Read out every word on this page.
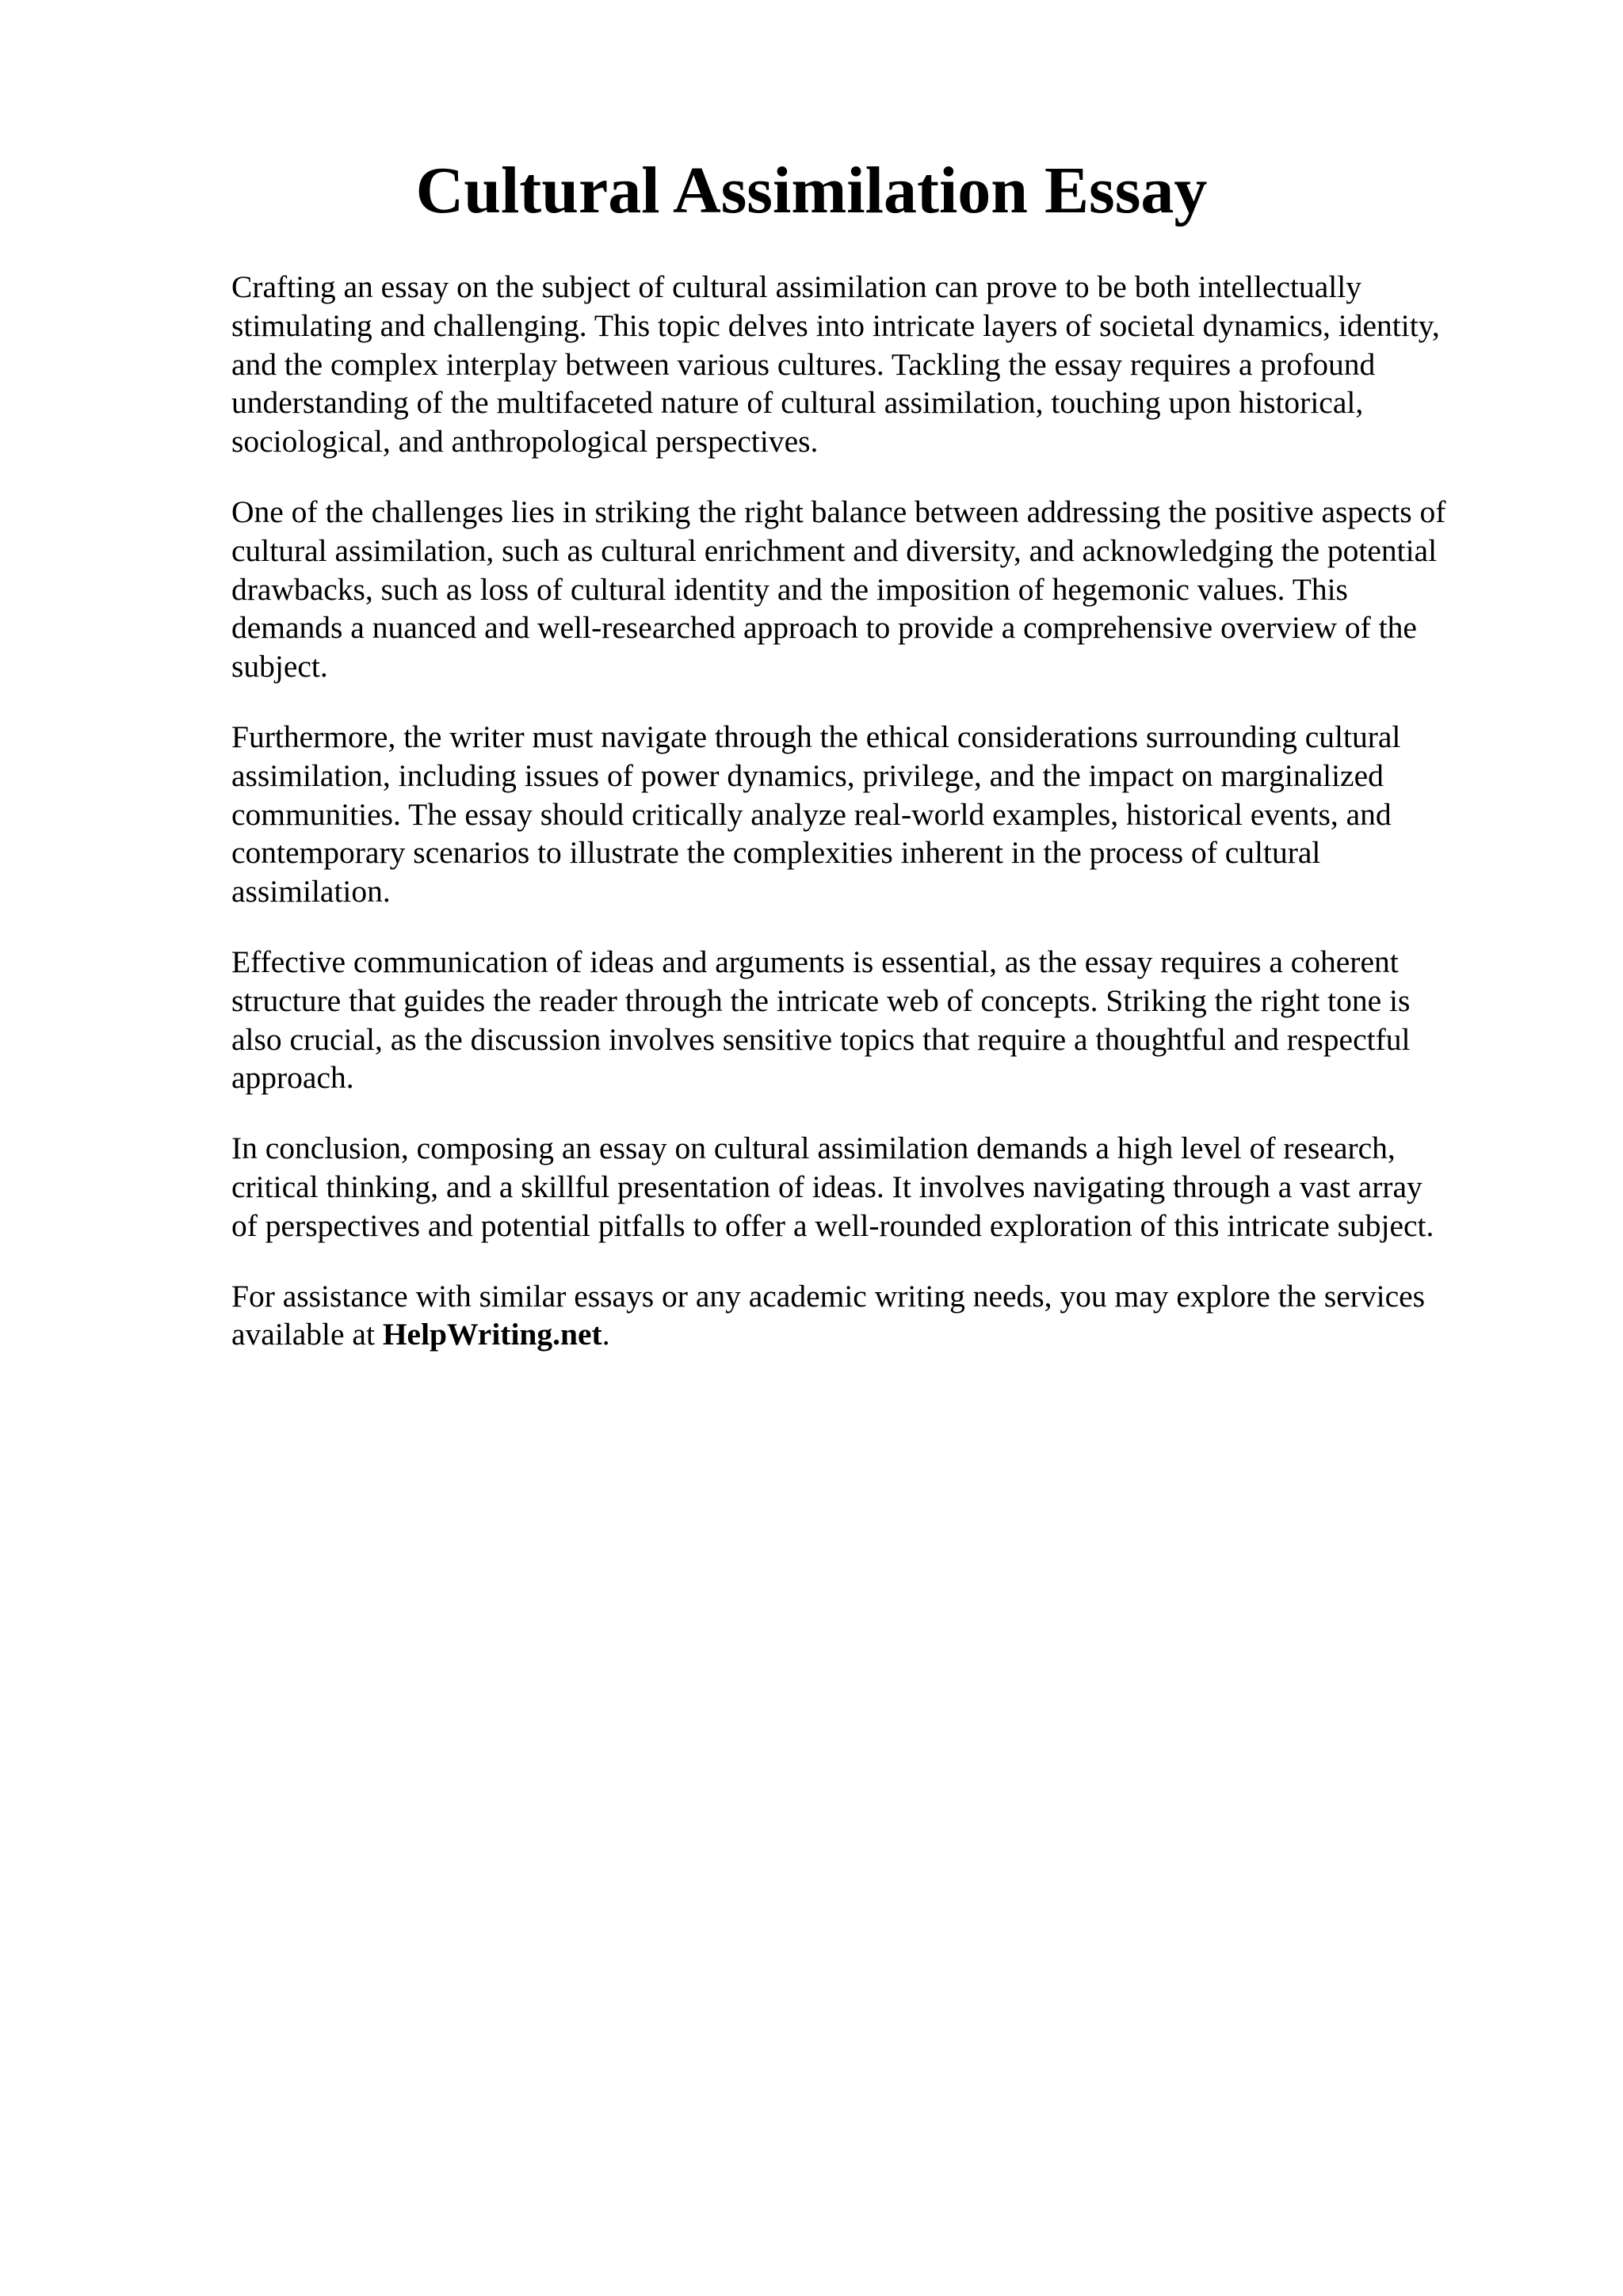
Cultural Assimilation Essay

Crafting an essay on the subject of cultural assimilation can prove to be both intellectually
stimulating and challenging. This topic delves into intricate layers of societal dynamics, identity,
and the complex interplay between various cultures. Tackling the essay requires a profound
understanding of the multifaceted nature of cultural assimilation, touching upon historical,
sociological, and anthropological perspectives.

One of the challenges lies in striking the right balance between addressing the positive aspects of
cultural assimilation, such as cultural enrichment and diversity, and acknowledging the potential
drawbacks, such as loss of cultural identity and the imposition of hegemonic values. This
demands a nuanced and well-researched approach to provide a comprehensive overview of the
subject.

Furthermore, the writer must navigate through the ethical considerations surrounding cultural
assimilation, including issues of power dynamics, privilege, and the impact on marginalized
communities. The essay should critically analyze real-world examples, historical events, and
contemporary scenarios to illustrate the complexities inherent in the process of cultural
assimilation.

Effective communication of ideas and arguments is essential, as the essay requires a coherent
structure that guides the reader through the intricate web of concepts. Striking the right tone is
also crucial, as the discussion involves sensitive topics that require a thoughtful and respectful
approach.

In conclusion, composing an essay on cultural assimilation demands a high level of research,
critical thinking, and a skillful presentation of ideas. It involves navigating through a vast array
of perspectives and potential pitfalls to offer a well-rounded exploration of this intricate subject.

For assistance with similar essays or any academic writing needs, you may explore the services
available at HelpWriting.net.
